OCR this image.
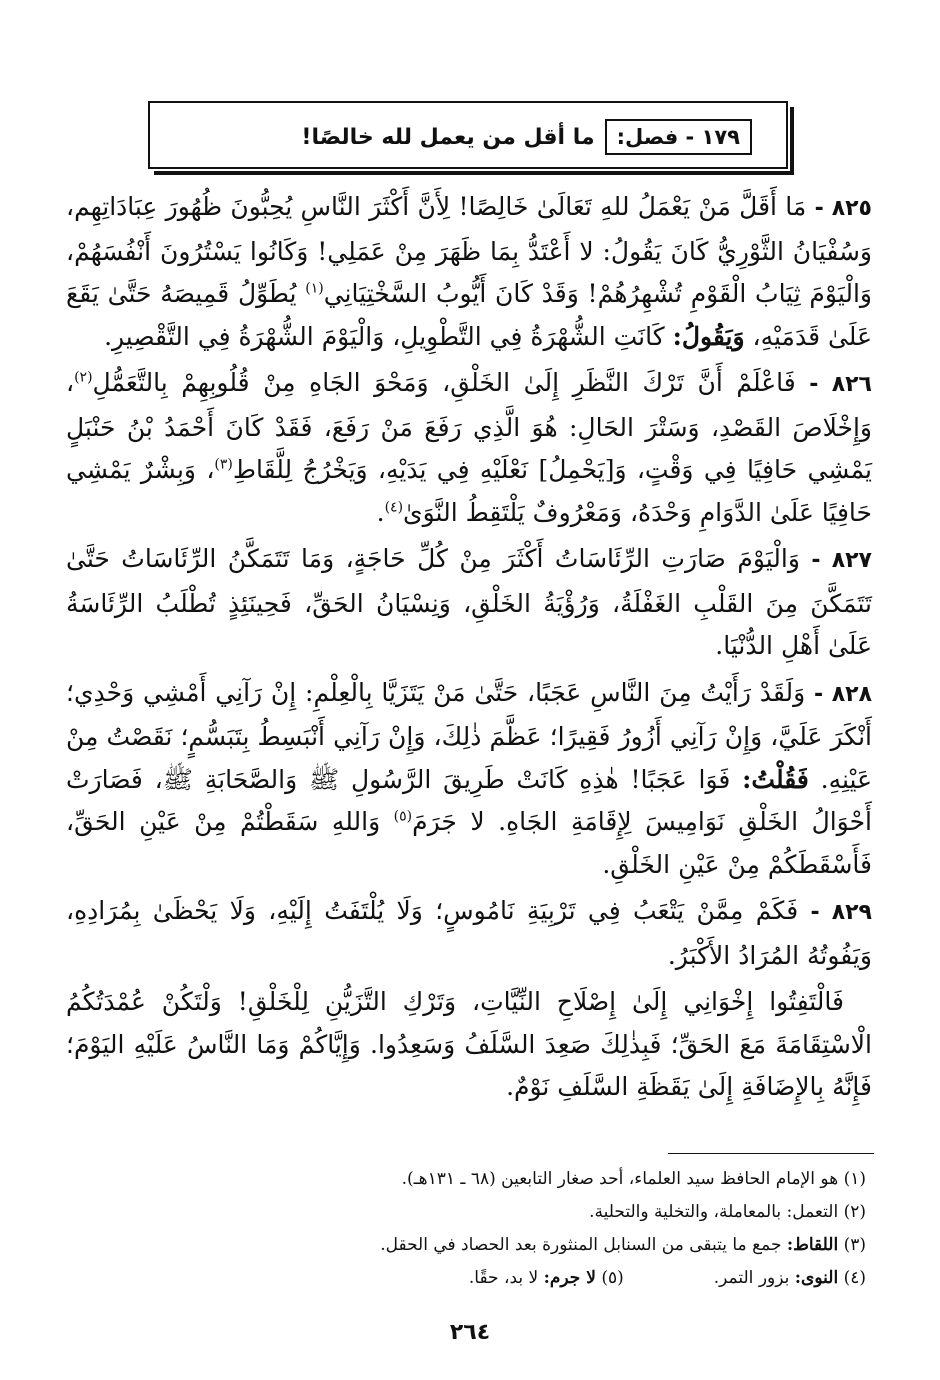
١٧٩ - فصل:
ما أقل من يعمل لله خالصًا!

٨٢٥ - مَا أَقَلَّ مَنْ يَعْمَلُ للهِ تَعَالَىٰ خَالِصًا! لِأَنَّ أَكْثَرَ النَّاسِ يُحِبُّونَ ظُهُورَ عِبَادَاتِهِم، وَسُفْيَانُ الثَّوْرِيُّ كَانَ يَقُولُ: لا أَعْتَدُّ بِمَا ظَهَرَ مِنْ عَمَلِي! وَكَانُوا يَسْتُرُونَ أَنْفُسَهُمْ، وَالْيَوْمَ ثِيَابُ الْقَوْمِ تُشْهِرُهُمْ! وَقَدْ كَانَ أَيُّوبُ السَّخْتِيَانِي$^{(١)}$ يُطَوِّلُ قَمِيصَهُ حَتَّىٰ يَقَعَ عَلَىٰ قَدَمَيْهِ، وَيَقُولُ: كَانَتِ الشُّهْرَةُ فِي التَّطْوِيلِ، وَالْيَوْمَ الشُّهْرَةُ فِي التَّقْصِيرِ.

٨٢٦ - فَاعْلَمْ أَنَّ تَرْكَ النَّظَرِ إِلَىٰ الخَلْقِ، وَمَحْوَ الجَاهِ مِنْ قُلُوبِهِمْ بِالتَّعَمُّلِ$^{(٢)}$، وَإِخْلَاصَ القَصْدِ، وَسَتْرَ الحَالِ: هُوَ الَّذِي رَفَعَ مَنْ رَفَعَ، فَقَدْ كَانَ أَحْمَدُ بْنُ حَنْبَلٍ يَمْشِي حَافِيًا فِي وَقْتٍ، وَ[يَحْمِلُ] نَعْلَيْهِ فِي يَدَيْهِ، وَيَخْرُجُ لِلَّقَاطِ$^{(٣)}$، وَبِشْرٌ يَمْشِي حَافِيًا عَلَىٰ الدَّوَامِ وَحْدَهُ، وَمَعْرُوفٌ يَلْتَقِطُ النَّوَىٰ$^{(٤)}$.

٨٢٧ - وَالْيَوْمَ صَارَتِ الرِّئَاسَاتُ أَكْثَرَ مِنْ كُلِّ حَاجَةٍ، وَمَا تَتَمَكَّنُ الرِّئَاسَاتُ حَتَّىٰ تَتَمَكَّنَ مِنَ القَلْبِ الغَفْلَةُ، وَرُؤْيَةُ الخَلْقِ، وَنِسْيَانُ الحَقِّ، فَحِينَئِذٍ تُطْلَبُ الرِّئَاسَةُ عَلَىٰ أَهْلِ الدُّنْيَا.

٨٢٨ - وَلَقَدْ رَأَيْتُ مِنَ النَّاسِ عَجَبًا، حَتَّىٰ مَنْ يَتَزَيَّا بِالْعِلْمِ: إِنْ رَآنِي أَمْشِي وَحْدِي؛ أَنْكَرَ عَلَيَّ، وَإِنْ رَآنِي أَزُورُ فَقِيرًا؛ عَظَّمَ ذٰلِكَ، وَإِنْ رَآنِي أَنْبَسِطُ بِتَبَسُّمٍ؛ نَقَصْتُ مِنْ عَيْنِهِ. فَقُلْتُ: فَوَا عَجَبًا! هٰذِهِ كَانَتْ طَرِيقَ الرَّسُولِ ﷺ وَالصَّحَابَةِ ﷺ، فَصَارَتْ أَحْوَالُ الخَلْقِ نَوَامِيسَ لِإِقَامَةِ الجَاهِ. لا جَرَمَ$^{(٥)}$ وَاللهِ سَقَطْتُمْ مِنْ عَيْنِ الحَقِّ، فَأَسْقَطَكُمْ مِنْ عَيْنِ الخَلْقِ.

٨٢٩ - فَكَمْ مِمَّنْ يَتْعَبُ فِي تَرْبِيَةِ نَامُوسٍ؛ وَلَا يُلْتَفَتُ إِلَيْهِ، وَلَا يَحْظَىٰ بِمُرَادِهِ، وَيَفُوتُهُ المُرَادُ الأَكْبَرُ.

فَالْتَفِتُوا إِخْوَانِي إِلَىٰ إِصْلَاحِ النِّيَّاتِ، وَتَرْكِ التَّزَيُّنِ لِلْخَلْقِ! وَلْتَكُنْ عُمْدَتُكُمُ الْاسْتِقَامَةَ مَعَ الحَقِّ؛ فَبِذٰلِكَ صَعِدَ السَّلَفُ وَسَعِدُوا. وَإِيَّاكُمْ وَمَا النَّاسُ عَلَيْهِ اليَوْمَ؛ فَإِنَّهُ بِالإِضَافَةِ إِلَىٰ يَقَظَةِ السَّلَفِ نَوْمٌ.

(١) هو الإمام الحافظ سيد العلماء، أحد صغار التابعين (٦٨ ـ ١٣١هـ).

(٢) التعمل: بالمعاملة، والتخلية والتحلية.

(٣) اللقاط: جمع ما يتبقى من السنابل المنثورة بعد الحصاد في الحقل.

(٤) النوى: بزور التمر.
(٥) لا جرم: لا بد، حقًا.
٢٦٤
